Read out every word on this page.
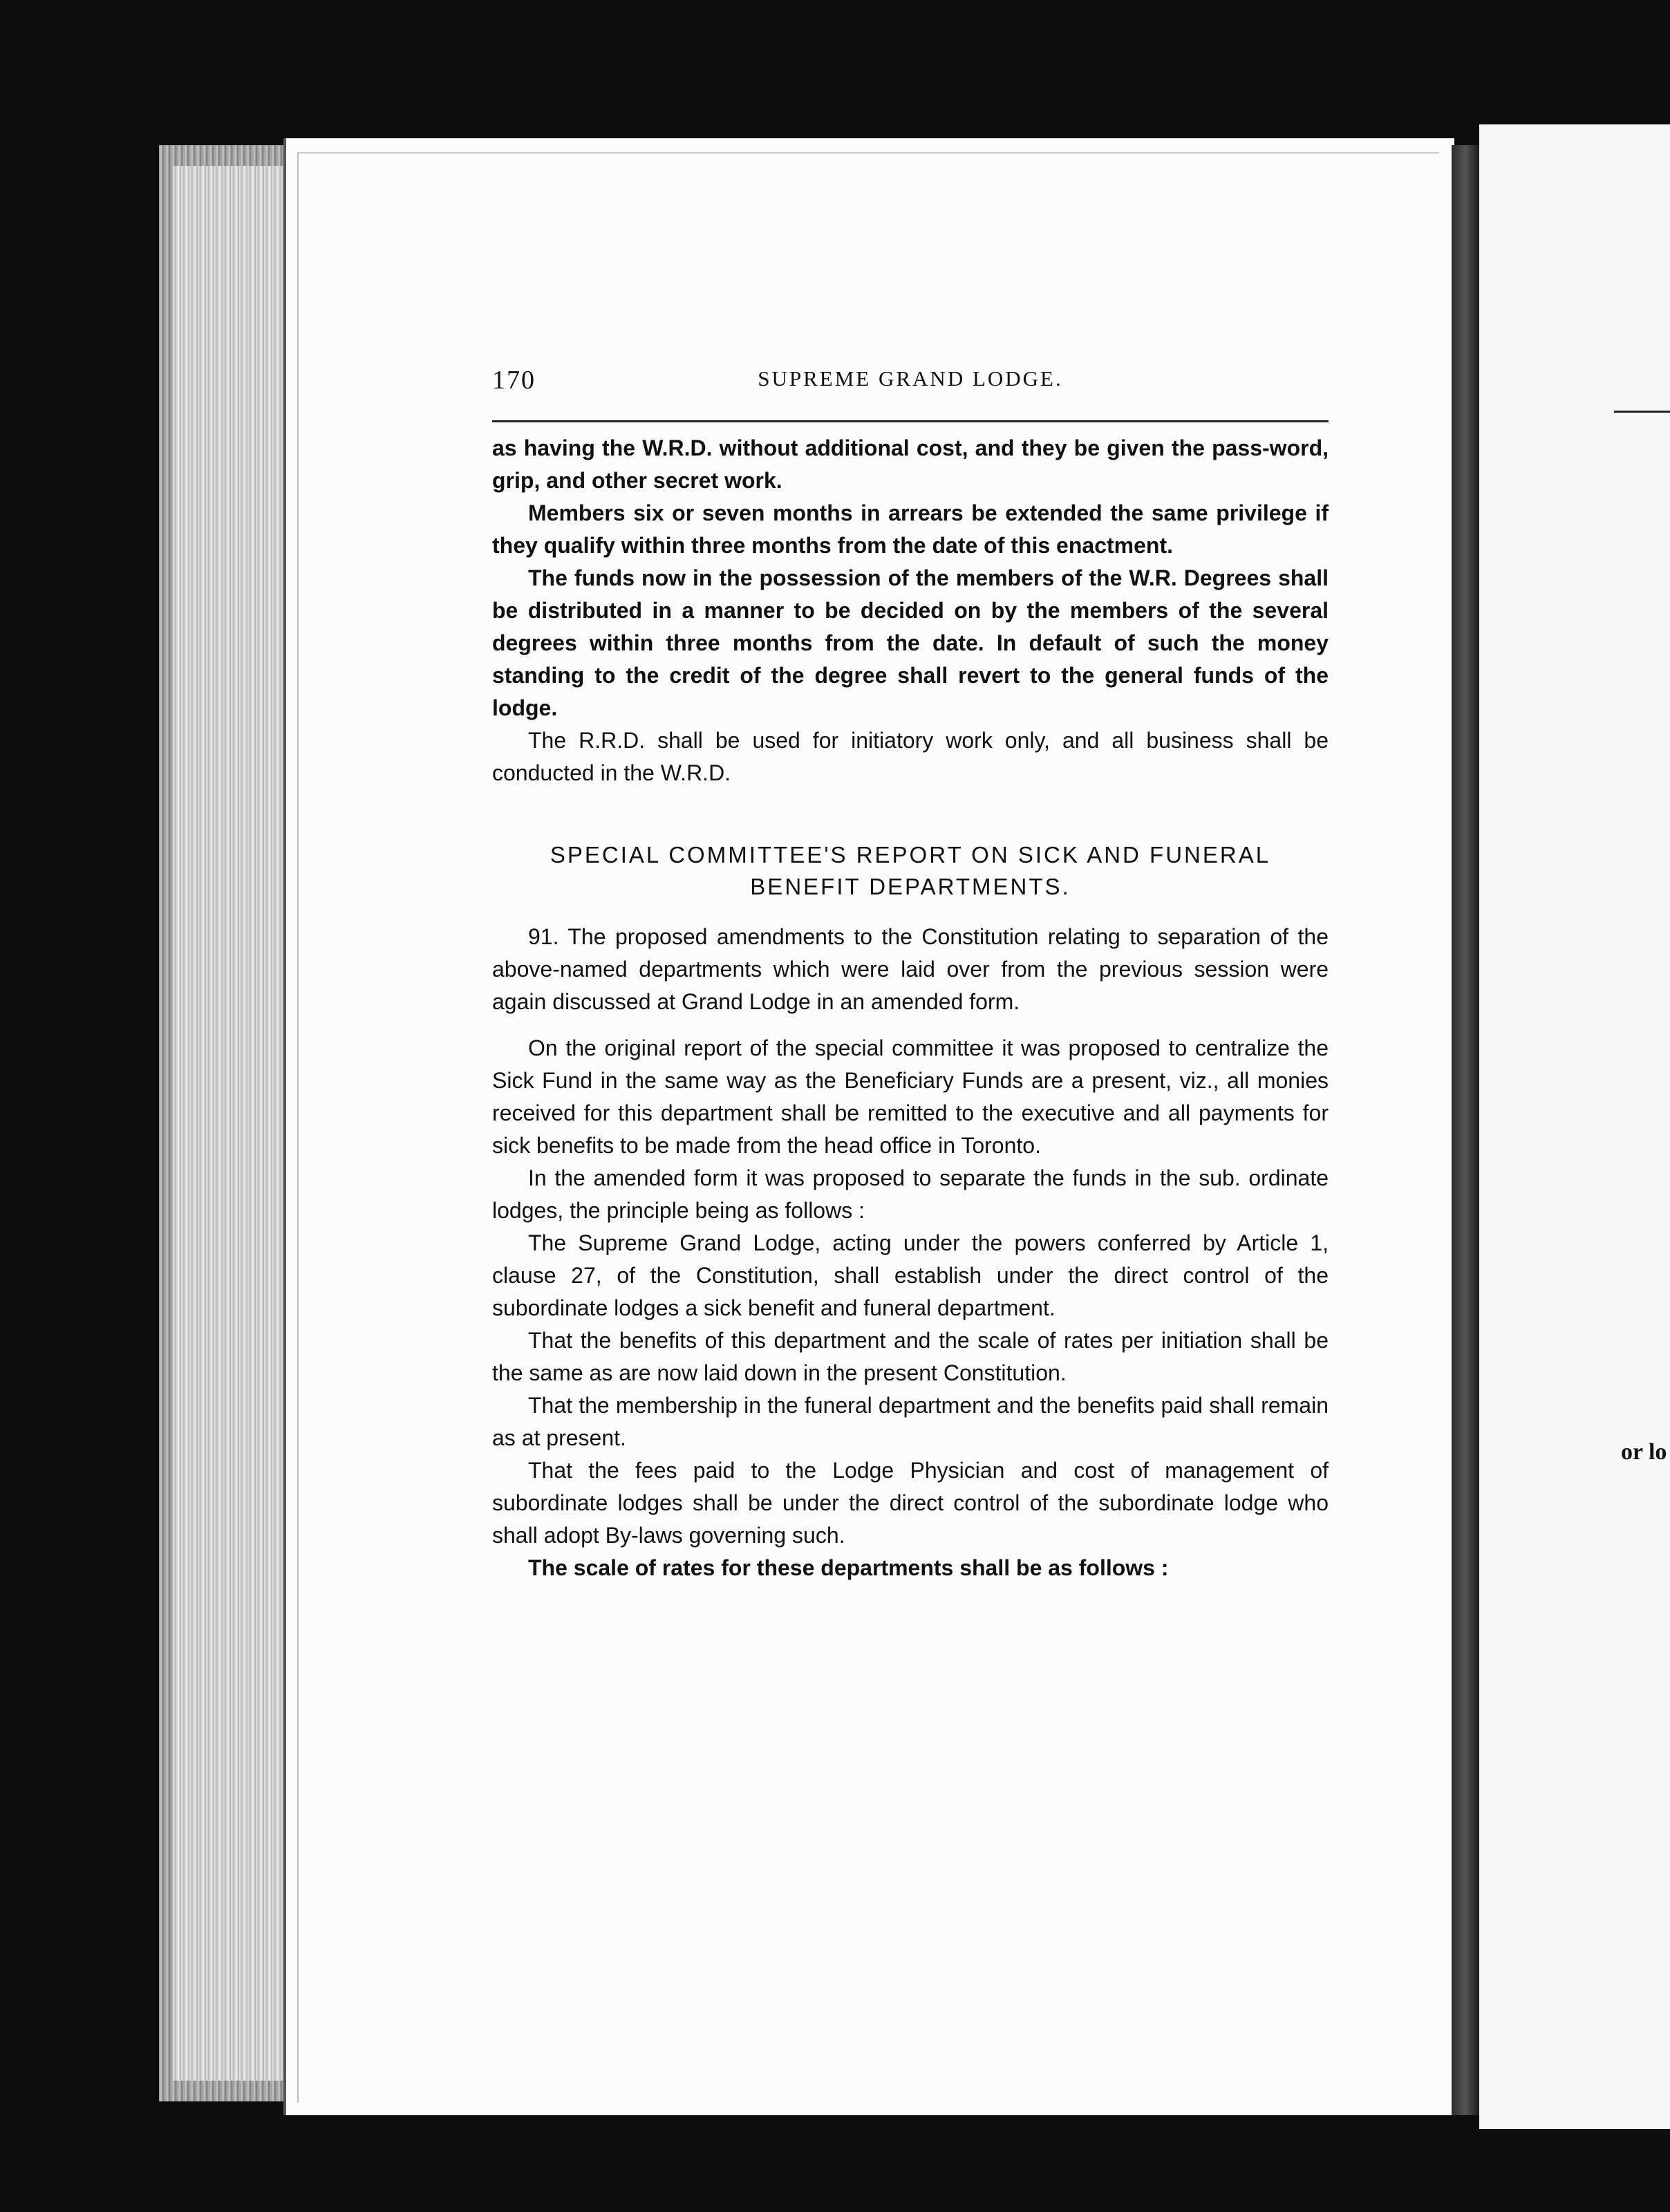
or lo
170	SUPREME GRAND LODGE.

as having the W.R.D. without additional cost, and they be given the pass-word, grip, and other secret work.

Members six or seven months in arrears be extended the same privilege if they qualify within three months from the date of this enactment.

The funds now in the possession of the members of the W.R. Degrees shall be distributed in a manner to be decided on by the members of the several degrees within three months from the date. In default of such the money standing to the credit of the degree shall revert to the general funds of the lodge.

The R.R.D. shall be used for initiatory work only, and all business shall be conducted in the W.R.D.

SPECIAL COMMITTEE'S REPORT ON SICK AND FUNERAL
BENEFIT DEPARTMENTS.

91. The proposed amendments to the Constitution relating to separation of the above-named departments which were laid over from the previous session were again discussed at Grand Lodge in an amended form.

On the original report of the special committee it was proposed to centralize the Sick Fund in the same way as the Beneficiary Funds are a present, viz., all monies received for this department shall be remitted to the executive and all payments for sick benefits to be made from the head office in Toronto.

In the amended form it was proposed to separate the funds in the sub. ordinate lodges, the principle being as follows :

The Supreme Grand Lodge, acting under the powers conferred by Article 1, clause 27, of the Constitution, shall establish under the direct control of the subordinate lodges a sick benefit and funeral department.

That the benefits of this department and the scale of rates per initiation shall be the same as are now laid down in the present Constitution.

That the membership in the funeral department and the benefits paid shall remain as at present.

That the fees paid to the Lodge Physician and cost of management of subordinate lodges shall be under the direct control of the subordinate lodge who shall adopt By-laws governing such.

The scale of rates for these departments shall be as follows :
